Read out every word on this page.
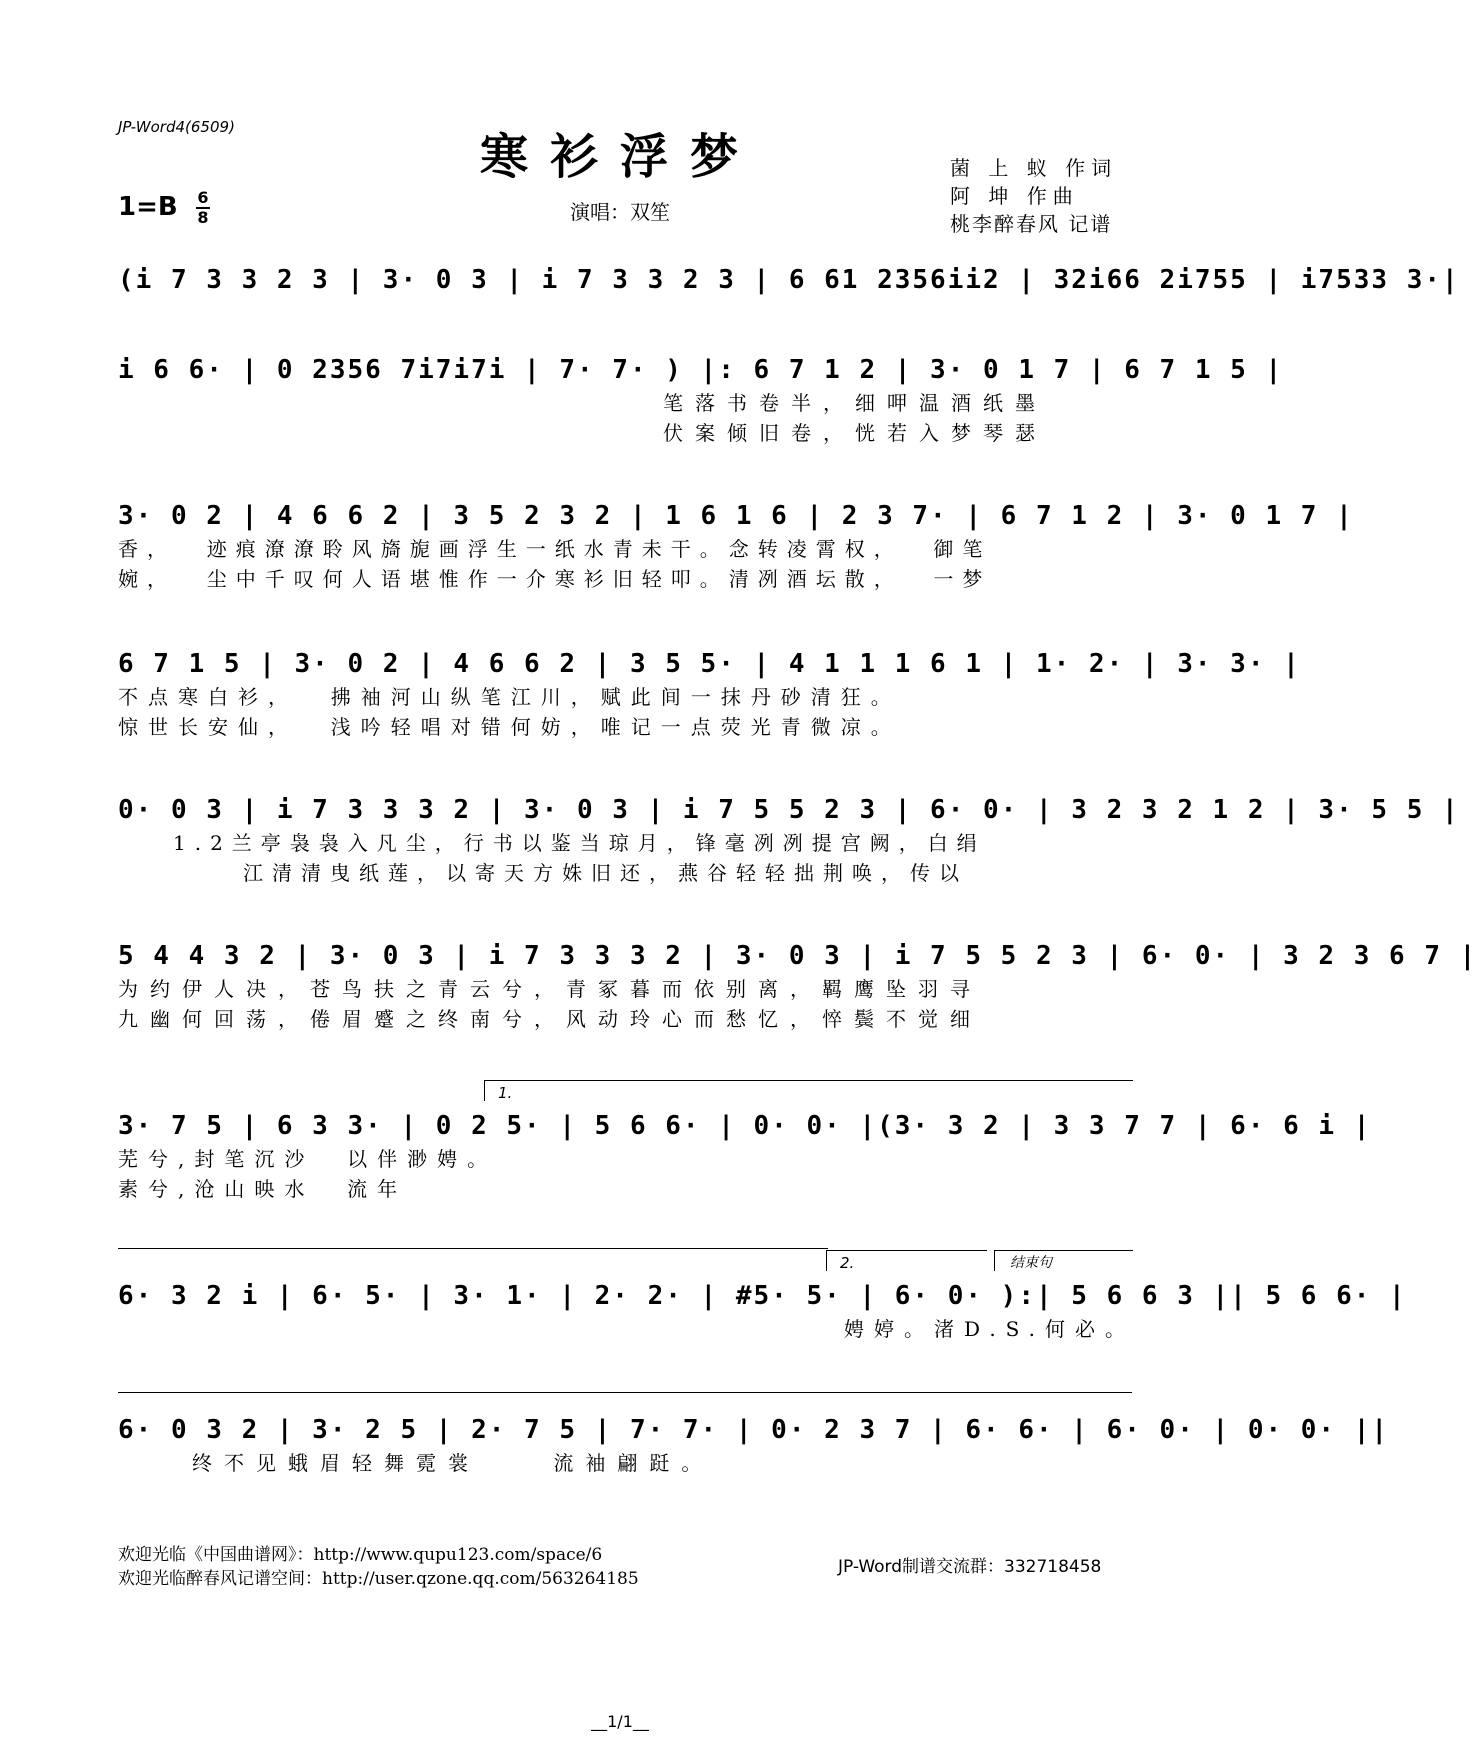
JP-Word4(6509)
寒衫浮梦	菌 上 蚁 作词
阿 坤 作曲
桃李醉春风 记谱
1=B 6
8	演唱：双笙
(i 7 3 3 2 3 | 3· 0 3 | i 7 3 3 2 3 | 6 61 2356ii2 | 32i66 2i755 | i7533 3·|
i 6 6· | 0 2356 7i7i7i | 7· 7· ) |: 6 7 1 2 | 3· 0 1 7 | 6 7 1 5 |
笔落书卷半，细呷温酒纸墨
伏案倾旧卷，恍若入梦琴瑟
3· 0 2 | 4 6 6 2 | 3 5 2 3 2 | 1 6 1 6 | 2 3 7· | 6 7 1 2 | 3· 0 1 7 |
香，  迹痕潦潦聆风旖旎画浮生一纸水青未干。念转凌霄权，  御笔
婉，  尘中千叹何人语堪惟作一介寒衫旧轻叩。清冽酒坛散，  一梦
6 7 1 5 | 3· 0 2 | 4 6 6 2 | 3 5 5· | 4 1 1 1 6 1 | 1· 2· | 3· 3· |
不点寒白衫，  拂袖河山纵笔江川，赋此间一抹丹砂清狂。
惊世长安仙，  浅吟轻唱对错何妨，唯记一点荧光青微凉。
0· 0 3 | i 7 3 3 3 2 | 3· 0 3 | i 7 5 5 2 3 | 6· 0· | 3 2 3 2 1 2 | 3· 5 5 |
1.2兰亭袅袅入凡尘，行书以鉴当琼月，锋毫冽冽提宫阙，白绢
江清清曳纸莲，以寄天方姝旧还，燕谷轻轻拙荆唤，传以
5 4 4 3 2 | 3· 0 3 | i 7 3 3 3 2 | 3· 0 3 | i 7 5 5 2 3 | 6· 0· | 3 2 3 6 7 |
为约伊人决，苍鸟扶之青云兮，青冢暮而依别离，羁鹰坠羽寻
九幽何回荡，倦眉蹙之终南兮，风动玲心而愁忆，悴鬓不觉细
1.
3· 7 5 | 6 3 3· | 0 2 5· | 5 6 6· | 0· 0· |(3· 3 2 | 3 3 7 7 | 6· 6 i |
芜兮,封笔沉沙  以伴渺娉。
素兮,沧山映水  流年
2.	结束句
6· 3 2 i | 6· 5· | 3· 1· | 2· 2· | #5· 5· | 6· 0· ):| 5 6 6 3 || 5 6 6· |
娉婷。渚D.S.何必。
6· 0 3 2 | 3· 2 5 | 2· 7 5 | 7· 7· | 0· 2 3 7 | 6· 6· | 6· 0· | 0· 0· ||
终不见蛾眉轻舞霓裳    流袖翩跹。
欢迎光临《中国曲谱网》：http://www.qupu123.com/space/6
欢迎光临醉春风记谱空间：http://user.qzone.qq.com/563264185
JP-Word制谱交流群：332718458
__1/1__
